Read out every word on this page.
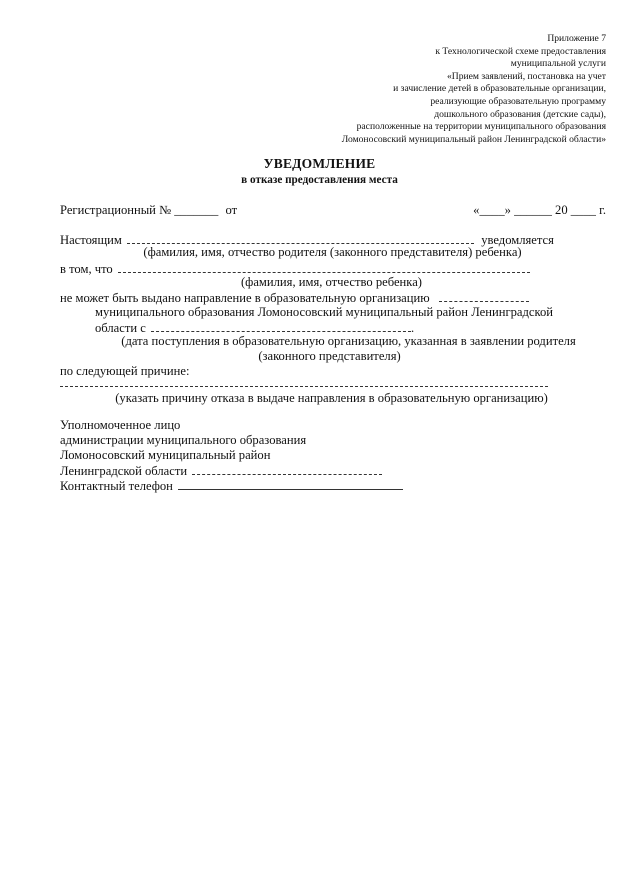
Приложение 7
к Технологической схеме предоставления
муниципальной услуги
«Прием заявлений, постановка на учет
и зачисление детей в образовательные организации,
реализующие образовательную программу
дошкольного образования (детские сады),
расположенные на территории муниципального образования
Ломоносовский муниципальный район Ленинградской области»
УВЕДОМЛЕНИЕ
в отказе предоставления места
Регистрационный № _______ от	«____» ______ 20 ____ г.
Настоящим	уведомляется
(фамилия, имя, отчество родителя (законного представителя) ребенка)
в том, что
(фамилия, имя, отчество ребенка)
не может быть выдано направление в образовательную организацию
муниципального образования Ломоносовский муниципальный район Ленинградской
области с	.
(дата поступления в образовательную организацию, указанная в заявлении родителя
(законного представителя)
по следующей причине:
(указать причину отказа в выдаче направления в образовательную организацию)
Уполномоченное лицо
администрации муниципального образования
Ломоносовский муниципальный район
Ленинградской области
Контактный телефон
